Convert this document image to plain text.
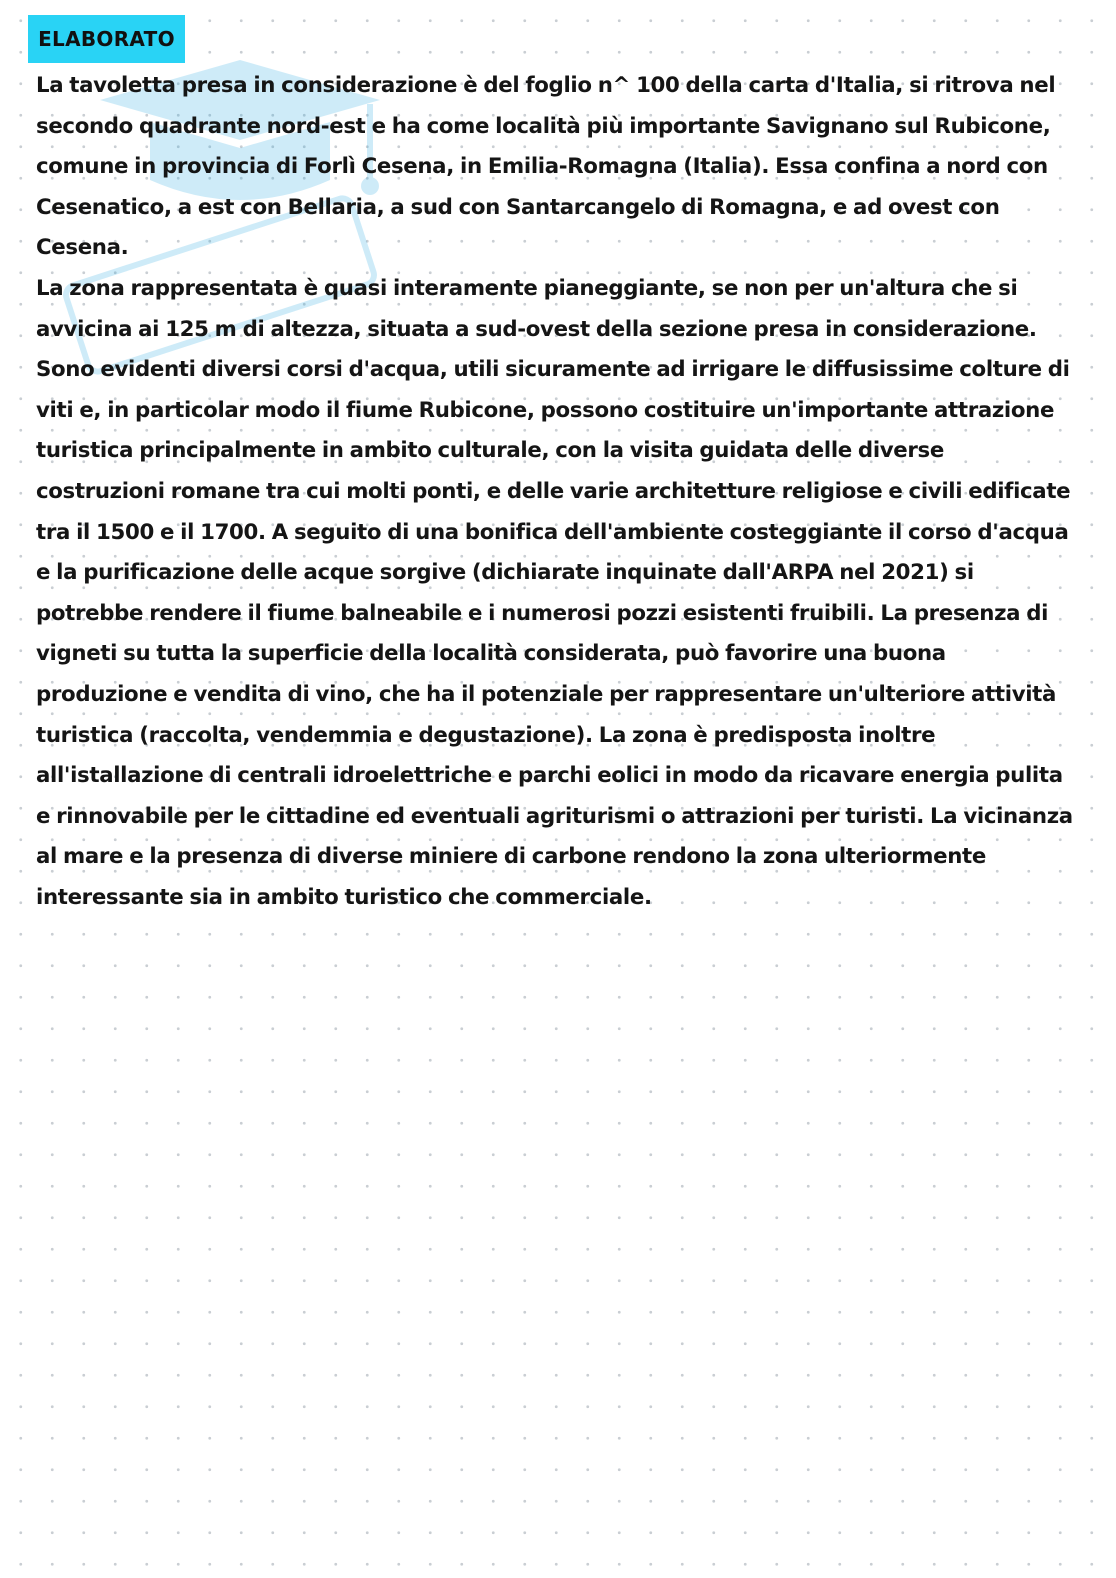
ELABORATO

La tavoletta presa in considerazione è del foglio n^ 100 della carta d'Italia, si ritrova nel secondo quadrante nord-est e ha come località più importante Savignano sul Rubicone, comune in provincia di Forlì Cesena, in Emilia-Romagna (Italia). Essa confina a nord con Cesenatico, a est con Bellaria, a sud con Santarcangelo di Romagna, e ad ovest con Cesena.

La zona rappresentata è quasi interamente pianeggiante, se non per un'altura che si avvicina ai 125 m di altezza, situata a sud-ovest della sezione presa in considerazione.

Sono evidenti diversi corsi d'acqua, utili sicuramente ad irrigare le diffusissime colture di viti e, in particolar modo il fiume Rubicone, possono costituire un'importante attrazione turistica principalmente in ambito culturale, con la visita guidata delle diverse costruzioni romane tra cui molti ponti, e delle varie architetture religiose e civili edificate tra il 1500 e il 1700. A seguito di una bonifica dell'ambiente costeggiante il corso d'acqua e la purificazione delle acque sorgive (dichiarate inquinate dall'ARPA nel 2021) si potrebbe rendere il fiume balneabile e i numerosi pozzi esistenti fruibili. La presenza di vigneti su tutta la superficie della località considerata, può favorire una buona produzione e vendita di vino, che ha il potenziale per rappresentare un'ulteriore attività turistica (raccolta, vendemmia e degustazione). La zona è predisposta inoltre all'istallazione di centrali idroelettriche e parchi eolici in modo da ricavare energia pulita e rinnovabile per le cittadine ed eventuali agriturismi o attrazioni per turisti. La vicinanza al mare e la presenza di diverse miniere di carbone rendono la zona ulteriormente interessante sia in ambito turistico che commerciale.
